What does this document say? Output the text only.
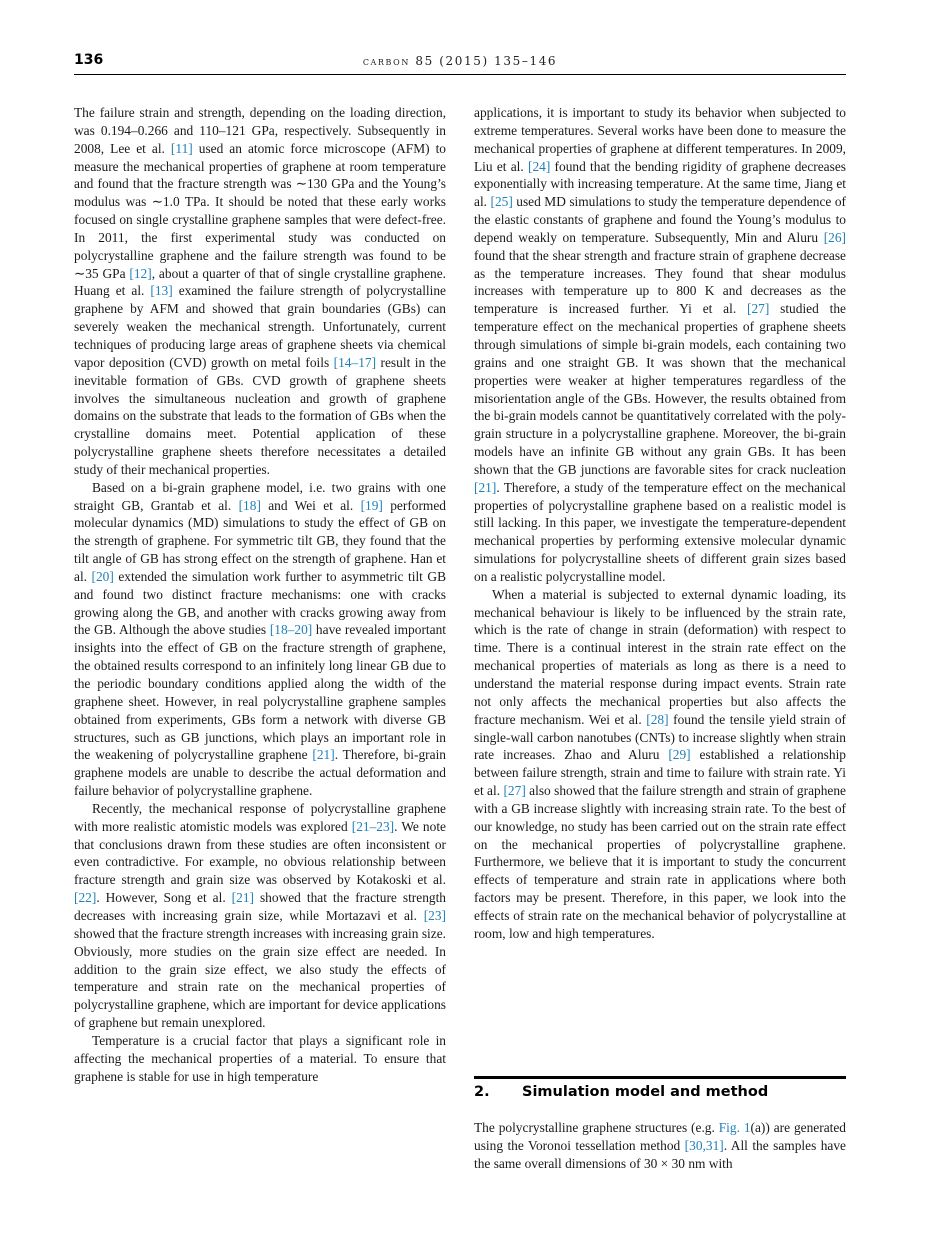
136	carbon 85 (2015) 135–146

The failure strain and strength, depending on the loading direction, was 0.194–0.266 and 110–121 GPa, respectively. Subsequently in 2008, Lee et al. [11] used an atomic force microscope (AFM) to measure the mechanical properties of graphene at room temperature and found that the fracture strength was ∼130 GPa and the Young’s modulus was ∼1.0 TPa. It should be noted that these early works focused on single crystalline graphene samples that were defect-free. In 2011, the first experimental study was conducted on polycrystalline graphene and the failure strength was found to be ∼35 GPa [12], about a quarter of that of single crystalline graphene. Huang et al. [13] examined the failure strength of polycrystalline graphene by AFM and showed that grain boundaries (GBs) can severely weaken the mechanical strength. Unfortunately, current techniques of producing large areas of graphene sheets via chemical vapor deposition (CVD) growth on metal foils [14–17] result in the inevitable formation of GBs. CVD growth of graphene sheets involves the simultaneous nucleation and growth of graphene domains on the substrate that leads to the formation of GBs when the crystalline domains meet. Potential application of these polycrystalline graphene sheets therefore necessitates a detailed study of their mechanical properties.

Based on a bi-grain graphene model, i.e. two grains with one straight GB, Grantab et al. [18] and Wei et al. [19] performed molecular dynamics (MD) simulations to study the effect of GB on the strength of graphene. For symmetric tilt GB, they found that the tilt angle of GB has strong effect on the strength of graphene. Han et al. [20] extended the simulation work further to asymmetric tilt GB and found two distinct fracture mechanisms: one with cracks growing along the GB, and another with cracks growing away from the GB. Although the above studies [18–20] have revealed important insights into the effect of GB on the fracture strength of graphene, the obtained results correspond to an infinitely long linear GB due to the periodic boundary conditions applied along the width of the graphene sheet. However, in real polycrystalline graphene samples obtained from experiments, GBs form a network with diverse GB structures, such as GB junctions, which plays an important role in the weakening of polycrystalline graphene [21]. Therefore, bi-grain graphene models are unable to describe the actual deformation and failure behavior of polycrystalline graphene.

Recently, the mechanical response of polycrystalline graphene with more realistic atomistic models was explored [21–23]. We note that conclusions drawn from these studies are often inconsistent or even contradictive. For example, no obvious relationship between fracture strength and grain size was observed by Kotakoski et al. [22]. However, Song et al. [21] showed that the fracture strength decreases with increasing grain size, while Mortazavi et al. [23] showed that the fracture strength increases with increasing grain size. Obviously, more studies on the grain size effect are needed. In addition to the grain size effect, we also study the effects of temperature and strain rate on the mechanical properties of polycrystalline graphene, which are important for device applications of graphene but remain unexplored.

Temperature is a crucial factor that plays a significant role in affecting the mechanical properties of a material. To ensure that graphene is stable for use in high temperature

applications, it is important to study its behavior when subjected to extreme temperatures. Several works have been done to measure the mechanical properties of graphene at different temperatures. In 2009, Liu et al. [24] found that the bending rigidity of graphene decreases exponentially with increasing temperature. At the same time, Jiang et al. [25] used MD simulations to study the temperature dependence of the elastic constants of graphene and found the Young’s modulus to depend weakly on temperature. Subsequently, Min and Aluru [26] found that the shear strength and fracture strain of graphene decrease as the temperature increases. They found that shear modulus increases with temperature up to 800 K and decreases as the temperature is increased further. Yi et al. [27] studied the temperature effect on the mechanical properties of graphene sheets through simulations of simple bi-grain models, each containing two grains and one straight GB. It was shown that the mechanical properties were weaker at higher temperatures regardless of the misorientation angle of the GBs. However, the results obtained from the bi-grain models cannot be quantitatively correlated with the poly-grain structure in a polycrystalline graphene. Moreover, the bi-grain models have an infinite GB without any grain GBs. It has been shown that the GB junctions are favorable sites for crack nucleation [21]. Therefore, a study of the temperature effect on the mechanical properties of polycrystalline graphene based on a realistic model is still lacking. In this paper, we investigate the temperature-dependent mechanical properties by performing extensive molecular dynamic simulations for polycrystalline sheets of different grain sizes based on a realistic polycrystalline model.

When a material is subjected to external dynamic loading, its mechanical behaviour is likely to be influenced by the strain rate, which is the rate of change in strain (deformation) with respect to time. There is a continual interest in the strain rate effect on the mechanical properties of materials as long as there is a need to understand the material response during impact events. Strain rate not only affects the mechanical properties but also affects the fracture mechanism. Wei et al. [28] found the tensile yield strain of single-wall carbon nanotubes (CNTs) to increase slightly when strain rate increases. Zhao and Aluru [29] established a relationship between failure strength, strain and time to failure with strain rate. Yi et al. [27] also showed that the failure strength and strain of graphene with a GB increase slightly with increasing strain rate. To the best of our knowledge, no study has been carried out on the strain rate effect on the mechanical properties of polycrystalline graphene. Furthermore, we believe that it is important to study the concurrent effects of temperature and strain rate in applications where both factors may be present. Therefore, in this paper, we look into the effects of strain rate on the mechanical behavior of polycrystalline at room, low and high temperatures.

2. Simulation model and method

The polycrystalline graphene structures (e.g. Fig. 1(a)) are generated using the Voronoi tessellation method [30,31]. All the samples have the same overall dimensions of 30 × 30 nm with
